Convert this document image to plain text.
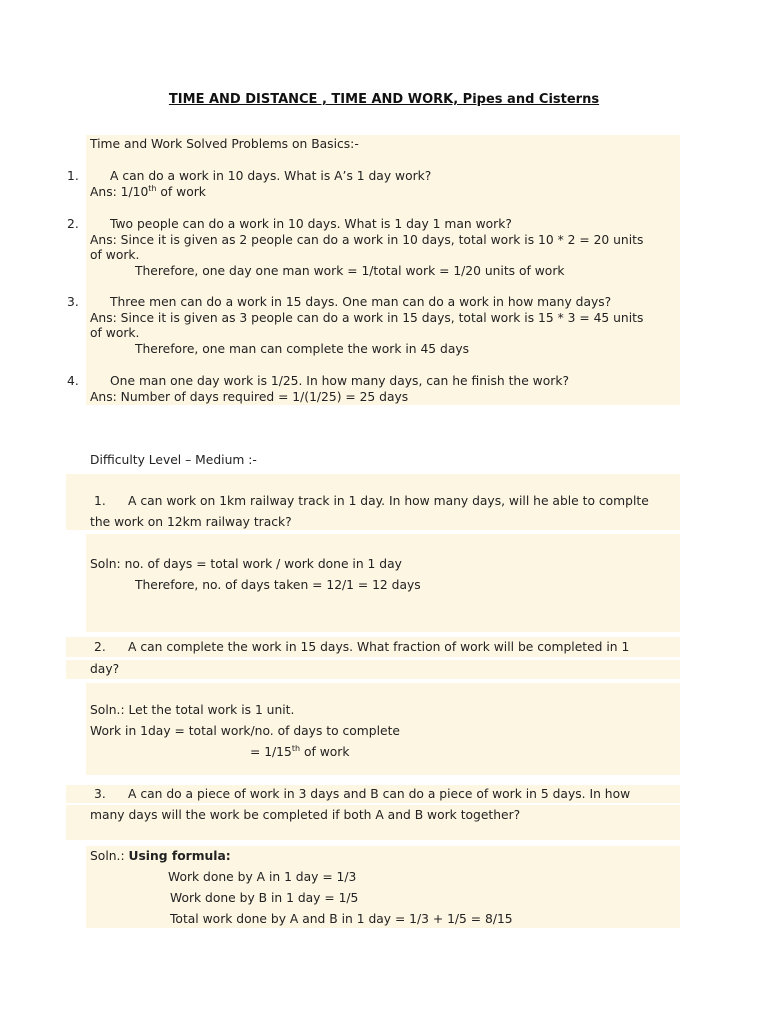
TIME AND DISTANCE , TIME AND WORK, Pipes and Cisterns
Time and Work Solved Problems on Basics:-
1.	A can do a work in 10 days. What is A’s 1 day work?
Ans: 1/10th of work
2.	Two people can do a work in 10 days. What is 1 day 1 man work?
Ans: Since it is given as 2 people can do a work in 10 days, total work is 10 * 2 = 20 units
of work.
Therefore, one day one man work = 1/total work = 1/20 units of work
3.	Three men can do a work in 15 days. One man can do a work in how many days?
Ans: Since it is given as 3 people can do a work in 15 days, total work is 15 * 3 = 45 units
of work.
Therefore, one man can complete the work in 45 days
4.	One man one day work is 1/25. In how many days, can he finish the work?
Ans: Number of days required = 1/(1/25) = 25 days
Difficulty Level – Medium :-
1. A can work on 1km railway track in 1 day. In how many days, will he able to complte
the work on 12km railway track?
Soln: no. of days = total work / work done in 1 day
Therefore, no. of days taken = 12/1 = 12 days
2. A can complete the work in 15 days. What fraction of work will be completed in 1
day?
Soln.: Let the total work is 1 unit.
Work in 1day = total work/no. of days to complete
= 1/15th of work
3. A can do a piece of work in 3 days and B can do a piece of work in 5 days. In how
many days will the work be completed if both A and B work together?
Soln.: Using formula:
Work done by A in 1 day = 1/3
Work done by B in 1 day = 1/5
Total work done by A and B in 1 day = 1/3 + 1/5 = 8/15
